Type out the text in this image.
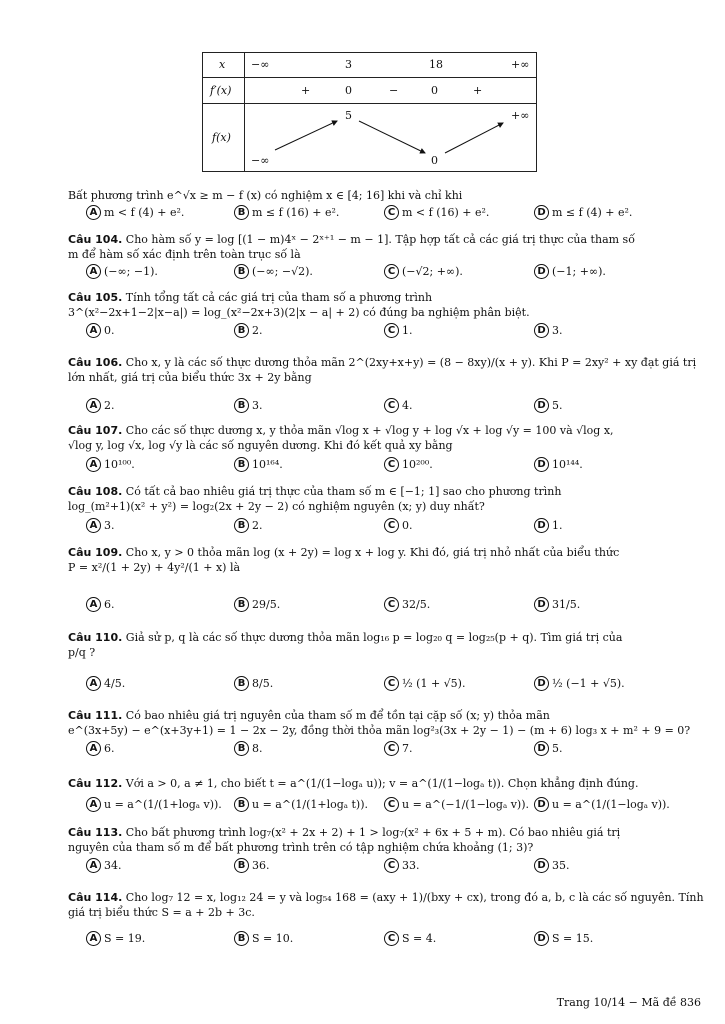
x −∞	3	18	+∞
f′(x)	+	0	−	0	+
f(x)
−∞
5
0
+∞
Bất phương trình e^√x ≥ m − f (x) có nghiệm x ∈ [4; 16] khi và chỉ khi
A m < f (4) + e².	B m ≤ f (16) + e².	C m < f (16) + e².	D m ≤ f (4) + e².
Câu 104. Cho hàm số y = log [(1 − m)4ˣ − 2ˣ⁺¹ − m − 1]. Tập hợp tất cả các giá trị thực của tham số
m để hàm số xác định trên toàn trục số là
A (−∞; −1).	B (−∞; −√2).	C (−√2; +∞).	D (−1; +∞).
Câu 105. Tính tổng tất cả các giá trị của tham số a phương trình
3^(x²−2x+1−2|x−a|) = log_(x²−2x+3)(2|x − a| + 2) có đúng ba nghiệm phân biệt.
A 0.	B 2.	C 1.	D 3.
Câu 106. Cho x, y là các số thực dương thỏa mãn 2^(2xy+x+y) = (8 − 8xy)/(x + y). Khi P = 2xy² + xy đạt giá trị
lớn nhất, giá trị của biểu thức 3x + 2y bằng
A 2.	B 3.	C 4.	D 5.
Câu 107. Cho các số thực dương x, y thỏa mãn √log x + √log y + log √x + log √y = 100 và √log x,
√log y, log √x, log √y là các số nguyên dương. Khi đó kết quả xy bằng
A 10¹⁰⁰.	B 10¹⁶⁴.	C 10²⁰⁰.	D 10¹⁴⁴.
Câu 108. Có tất cả bao nhiêu giá trị thực của tham số m ∈ [−1; 1] sao cho phương trình
log_(m²+1)(x² + y²) = log₂(2x + 2y − 2) có nghiệm nguyên (x; y) duy nhất?
A 3.	B 2.	C 0.	D 1.
Câu 109. Cho x, y > 0 thỏa mãn log (x + 2y) = log x + log y. Khi đó, giá trị nhỏ nhất của biểu thức
P = x²/(1 + 2y) + 4y²/(1 + x) là
A 6.	B 29/5.	C 32/5.	D 31/5.
Câu 110. Giả sử p, q là các số thực dương thỏa mãn log₁₆ p = log₂₀ q = log₂₅(p + q). Tìm giá trị của
p/q ?
A 4/5.	B 8/5.	C ½ (1 + √5).	D ½ (−1 + √5).
Câu 111. Có bao nhiêu giá trị nguyên của tham số m để tồn tại cặp số (x; y) thỏa mãn
e^(3x+5y) − e^(x+3y+1) = 1 − 2x − 2y, đồng thời thỏa mãn log²₃(3x + 2y − 1) − (m + 6) log₃ x + m² + 9 = 0?
A 6.	B 8.	C 7.	D 5.
Câu 112. Với a > 0, a ≠ 1, cho biết t = a^(1/(1−logₐ u)); v = a^(1/(1−logₐ t)). Chọn khẳng định đúng.
A u = a^(1/(1+logₐ v)).	B u = a^(1/(1+logₐ t)).	C u = a^(−1/(1−logₐ v)). D u = a^(1/(1−logₐ v)).
Câu 113. Cho bất phương trình log₇(x² + 2x + 2) + 1 > log₇(x² + 6x + 5 + m). Có bao nhiêu giá trị
nguyên của tham số m để bất phương trình trên có tập nghiệm chứa khoảng (1; 3)?
A 34.	B 36.	C 33.	D 35.
Câu 114. Cho log₇ 12 = x, log₁₂ 24 = y và log₅₄ 168 = (axy + 1)/(bxy + cx), trong đó a, b, c là các số nguyên. Tính
giá trị biểu thức S = a + 2b + 3c.
A S = 19.	B S = 10.	C S = 4.	D S = 15.
Trang 10/14 − Mã đề 836
